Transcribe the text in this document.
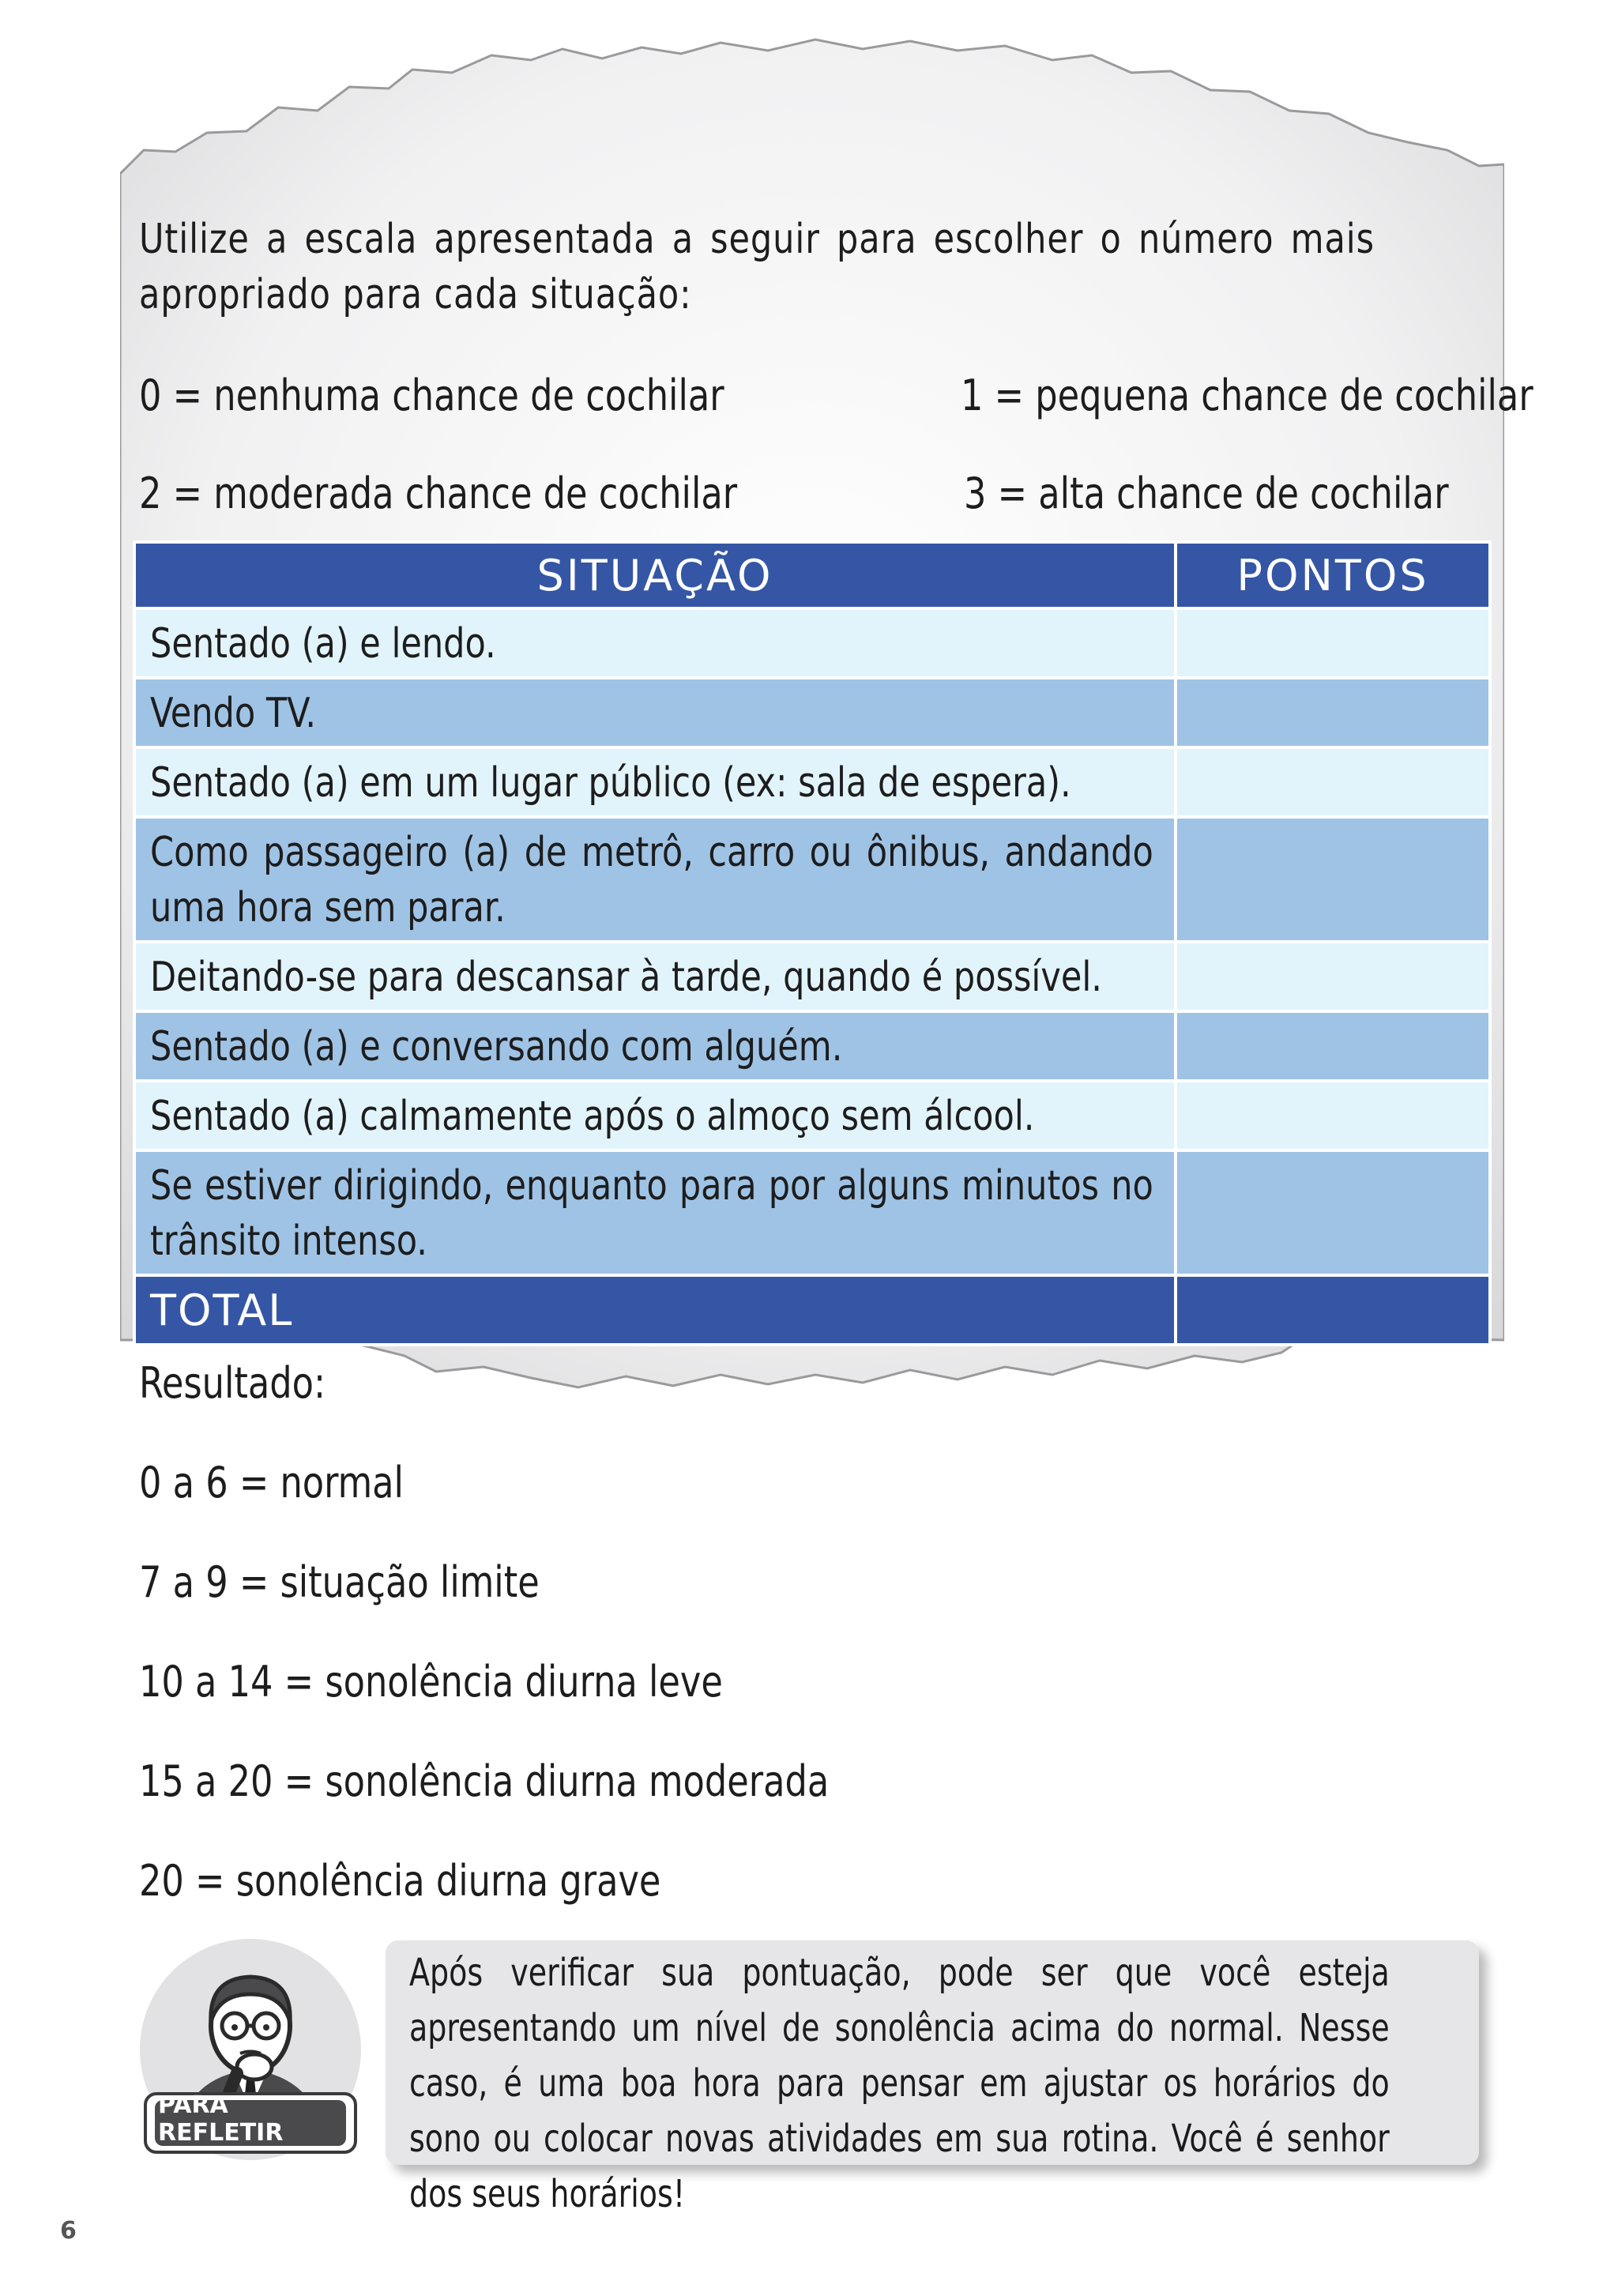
Utilize a escala apresentada a seguir para escolher o número mais apropriado para cada situação:

0 = nenhuma chance de cochilar	1 = pequena chance de cochilar
2 = moderada chance de cochilar	3 = alta chance de cochilar
SITUAÇÃO	PONTOS

Sentado (a) e lendo.	

Vendo TV.	

Sentado (a) em um lugar público (ex: sala de espera).	

Como passageiro (a) de metrô, carro ou ônibus, andando uma hora sem parar.	

Deitando-se para descansar à tarde, quando é possível.	

Sentado (a) e conversando com alguém.	

Sentado (a) calmamente após o almoço sem álcool.	

Se estiver dirigindo, enquanto para por alguns minutos no trânsito intenso.	

TOTAL	
Resultado:
0 a 6 = normal
7 a 9 = situação limite
10 a 14 = sonolência diurna leve
15 a 20 = sonolência diurna moderada
20 = sonolência diurna grave
PARA REFLETIR

Após verificar sua pontuação, pode ser que você esteja apresentando um nível de sonolência acima do normal. Nesse caso, é uma boa hora para pensar em ajustar os horários do sono ou colocar novas atividades em sua rotina. Você é senhor dos seus horários!

6
